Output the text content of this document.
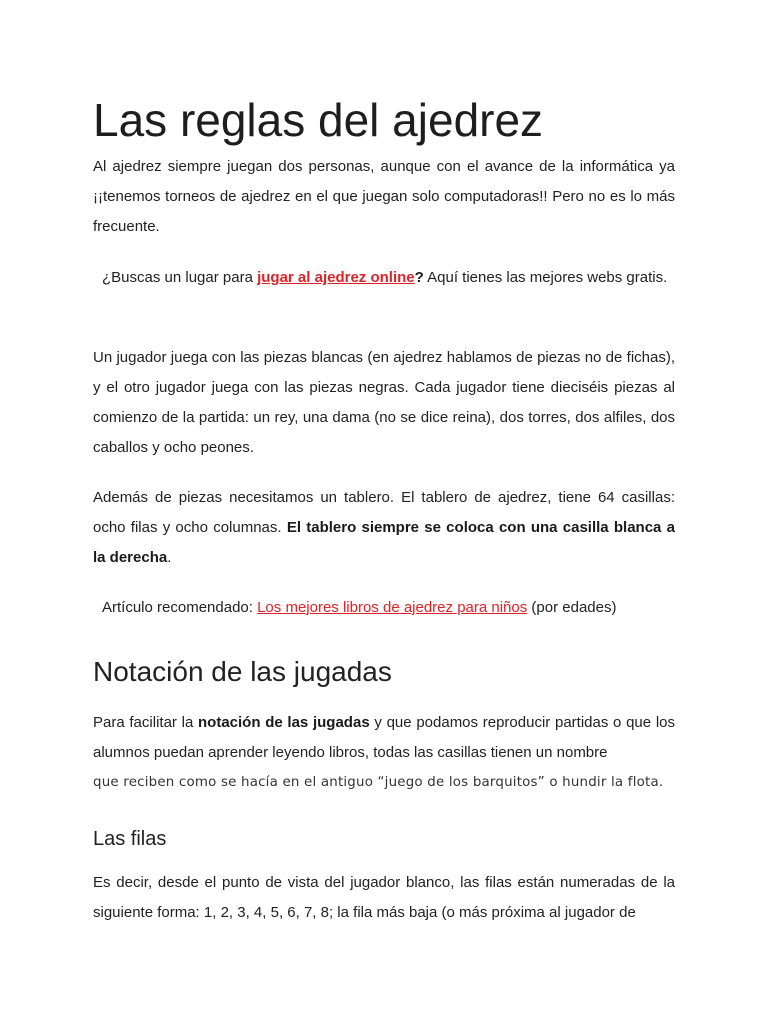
Las reglas del ajedrez

Al ajedrez siempre juegan dos personas, aunque con el avance de la informática ya ¡¡tenemos torneos de ajedrez en el que juegan solo computadoras!! Pero no es lo más frecuente.

¿Buscas un lugar para jugar al ajedrez online? Aquí tienes las mejores webs gratis.

Un jugador juega con las piezas blancas (en ajedrez hablamos de piezas no de fichas), y el otro jugador juega con las piezas negras. Cada jugador tiene dieciséis piezas al comienzo de la partida: un rey, una dama (no se dice reina), dos torres, dos alfiles, dos caballos y ocho peones.

Además de piezas necesitamos un tablero. El tablero de ajedrez, tiene 64 casillas: ocho filas y ocho columnas. El tablero siempre se coloca con una casilla blanca a la derecha.

Artículo recomendado: Los mejores libros de ajedrez para niños (por edades)

Notación de las jugadas

Para facilitar la notación de las jugadas y que podamos reproducir partidas o que los alumnos puedan aprender leyendo libros, todas las casillas tienen un nombre

que reciben como se hacía en el antiguo “juego de los barquitos” o hundir la flota.

Las filas

Es decir, desde el punto de vista del jugador blanco, las filas están numeradas de la siguiente forma: 1, 2, 3, 4, 5, 6, 7, 8; la fila más baja (o más próxima al jugador de
